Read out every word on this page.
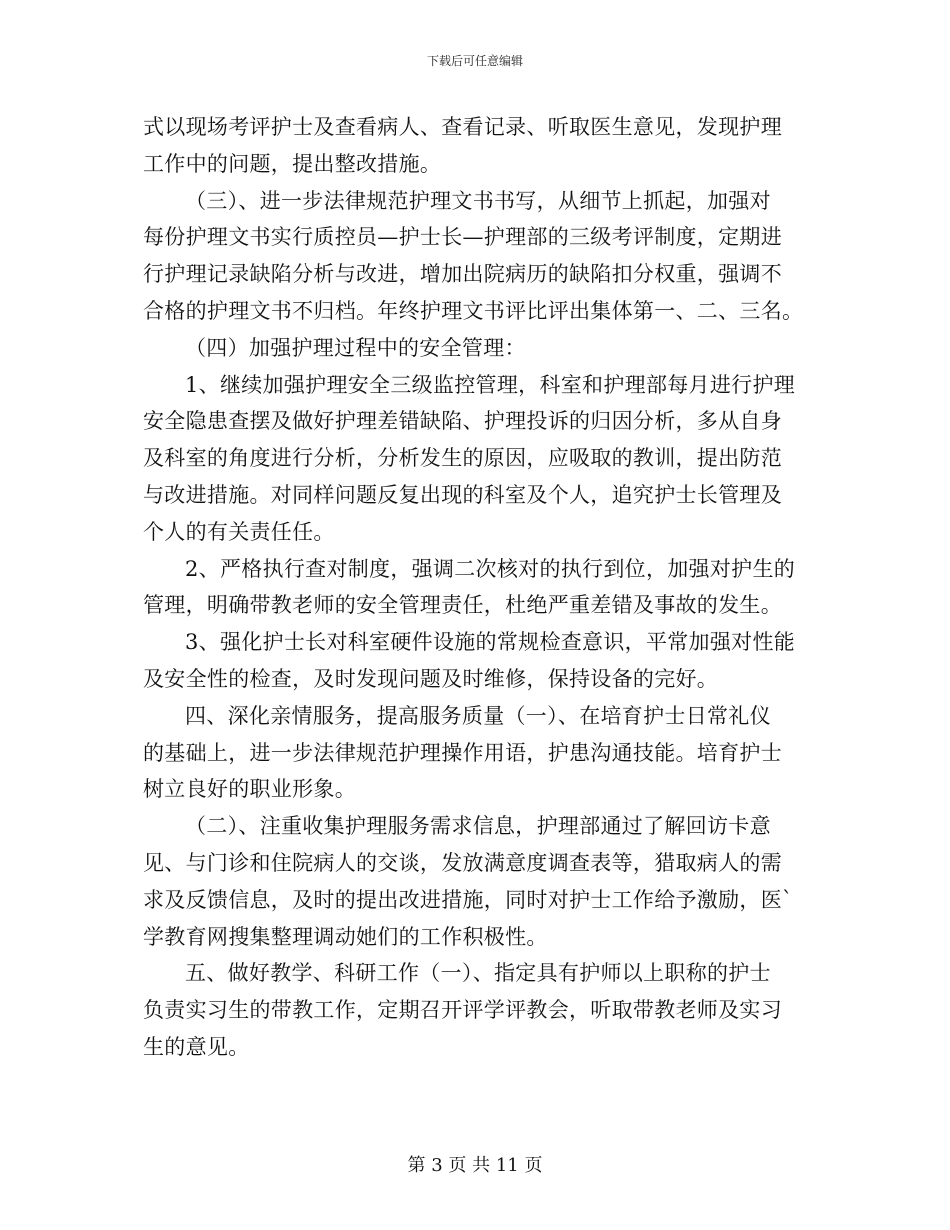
下载后可任意编辑
式以现场考评护士及查看病人、查看记录、听取医生意见，发现护理
工作中的问题，提出整改措施。
（三）、进一步法律规范护理文书书写，从细节上抓起，加强对
每份护理文书实行质控员—护士长—护理部的三级考评制度，定期进
行护理记录缺陷分析与改进，增加出院病历的缺陷扣分权重，强调不
合格的护理文书不归档。年终护理文书评比评出集体第一、二、三名。
（四）加强护理过程中的安全管理：
1、继续加强护理安全三级监控管理，科室和护理部每月进行护理
安全隐患查摆及做好护理差错缺陷、护理投诉的归因分析，多从自身
及科室的角度进行分析，分析发生的原因，应吸取的教训，提出防范
与改进措施。对同样问题反复出现的科室及个人，追究护士长管理及
个人的有关责任任。
2、严格执行查对制度，强调二次核对的执行到位，加强对护生的
管理，明确带教老师的安全管理责任，杜绝严重差错及事故的发生。
3、强化护士长对科室硬件设施的常规检查意识，平常加强对性能
及安全性的检查，及时发现问题及时维修，保持设备的完好。
四、深化亲情服务，提高服务质量（一）、在培育护士日常礼仪
的基础上，进一步法律规范护理操作用语，护患沟通技能。培育护士
树立良好的职业形象。
（二）、注重收集护理服务需求信息，护理部通过了解回访卡意
见、与门诊和住院病人的交谈，发放满意度调查表等，猎取病人的需
求及反馈信息，及时的提出改进措施，同时对护士工作给予激励，医`
学教育网搜集整理调动她们的工作积极性。
五、做好教学、科研工作（一）、指定具有护师以上职称的护士
负责实习生的带教工作，定期召开评学评教会，听取带教老师及实习
生的意见。
第 3 页 共 11 页
